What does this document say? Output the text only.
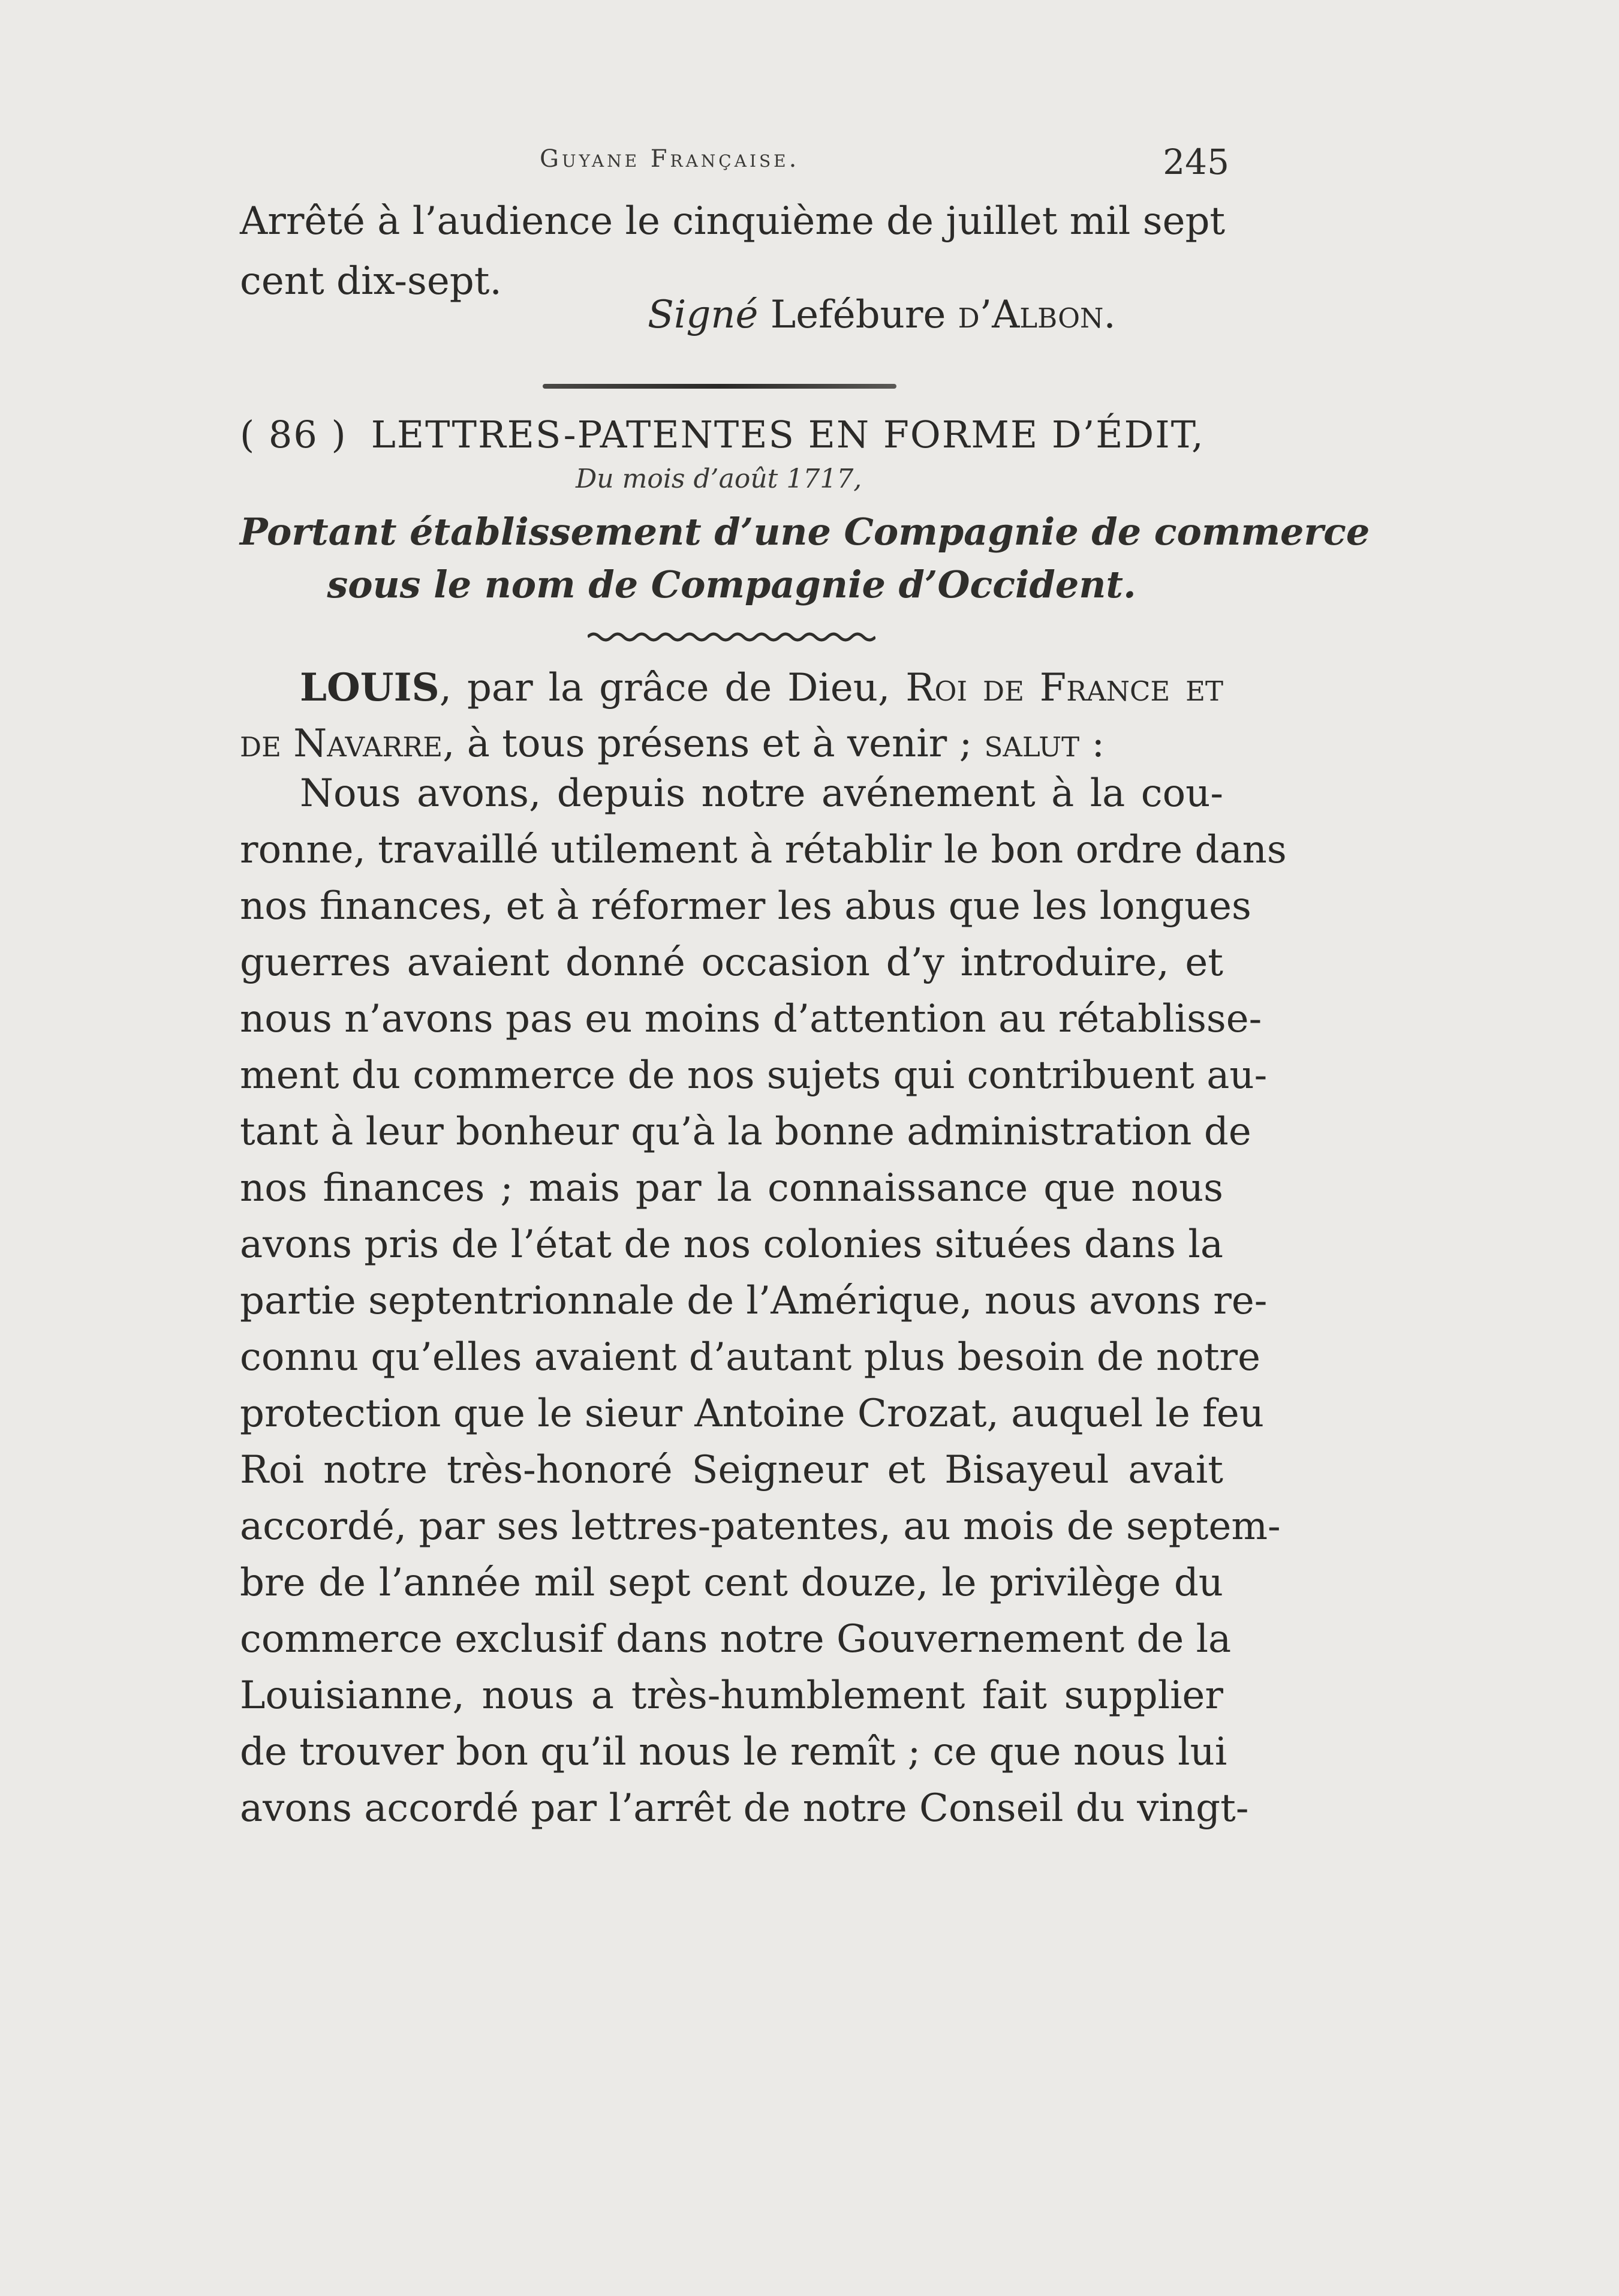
Guyane Française.	245
Arrêté à l’audience le cinquième de juillet mil sept
cent dix-sept.
Signé Lefébure d’Albon.
( 86 ) LETTRES-PATENTES EN FORME D’ÉDIT,
Du mois d’août 1717,
Portant établissement d’une Compagnie de commerce
sous le nom de Compagnie d’Occident.
LOUIS, par la grâce de Dieu, Roi de France et
de Navarre, à tous présens et à venir ; salut :
Nous avons, depuis notre avénement à la cou-
ronne, travaillé utilement à rétablir le bon ordre dans
nos finances, et à réformer les abus que les longues
guerres avaient donné occasion d’y introduire, et
nous n’avons pas eu moins d’attention au rétablisse-
ment du commerce de nos sujets qui contribuent au-
tant à leur bonheur qu’à la bonne administration de
nos finances ; mais par la connaissance que nous
avons pris de l’état de nos colonies situées dans la
partie septentrionnale de l’Amérique, nous avons re-
connu qu’elles avaient d’autant plus besoin de notre
protection que le sieur Antoine Crozat, auquel le feu
Roi notre très-honoré Seigneur et Bisayeul avait
accordé, par ses lettres-patentes, au mois de septem-
bre de l’année mil sept cent douze, le privilège du
commerce exclusif dans notre Gouvernement de la
Louisianne, nous a très-humblement fait supplier
de trouver bon qu’il nous le remît ; ce que nous lui
avons accordé par l’arrêt de notre Conseil du vingt-
